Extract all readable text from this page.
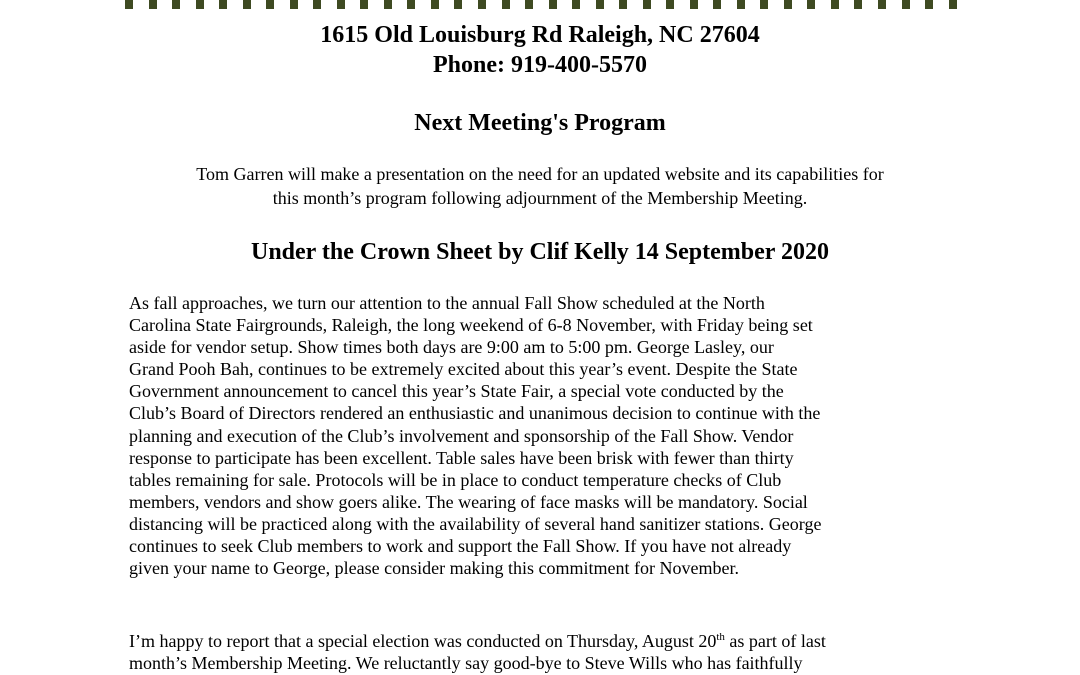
1615 Old Louisburg Rd Raleigh, NC 27604
Phone: 919-400-5570
Next Meeting's Program
Tom Garren will make a presentation on the need for an updated website and its capabilities for
this month’s program following adjournment of the Membership Meeting.
Under the Crown Sheet by Clif Kelly 14 September 2020
As fall approaches, we turn our attention to the annual Fall Show scheduled at the North
Carolina State Fairgrounds, Raleigh, the long weekend of 6-8 November, with Friday being set
aside for vendor setup. Show times both days are 9:00 am to 5:00 pm. George Lasley, our
Grand Pooh Bah, continues to be extremely excited about this year’s event. Despite the State
Government announcement to cancel this year’s State Fair, a special vote conducted by the
Club’s Board of Directors rendered an enthusiastic and unanimous decision to continue with the
planning and execution of the Club’s involvement and sponsorship of the Fall Show. Vendor
response to participate has been excellent. Table sales have been brisk with fewer than thirty
tables remaining for sale. Protocols will be in place to conduct temperature checks of Club
members, vendors and show goers alike. The wearing of face masks will be mandatory. Social
distancing will be practiced along with the availability of several hand sanitizer stations. George
continues to seek Club members to work and support the Fall Show. If you have not already
given your name to George, please consider making this commitment for November.
I’m happy to report that a special election was conducted on Thursday, August 20th as part of last
month’s Membership Meeting. We reluctantly say good-bye to Steve Wills who has faithfully
